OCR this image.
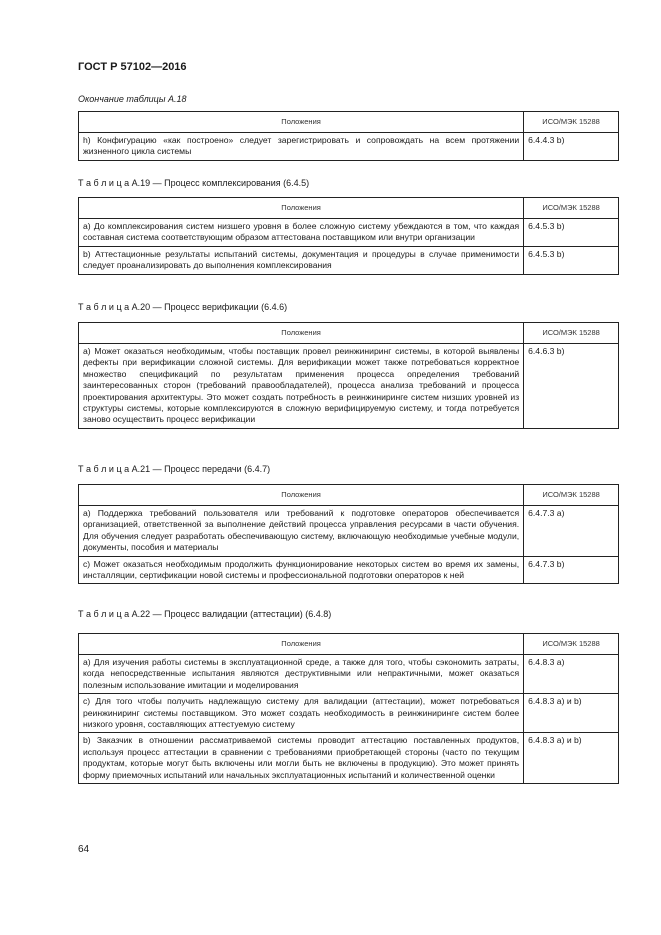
ГОСТ Р 57102—2016
Окончание таблицы А.18
Положения	ИСО/МЭК 15288
h) Конфигурацию «как построено» следует зарегистрировать и сопровождать на всем протяжении жизненного цикла системы	6.4.4.3 b)
Т а б л и ц а А.19 — Процесс комплексирования (6.4.5)
Положения	ИСО/МЭК 15288
a) До комплексирования систем низшего уровня в более сложную систему убеждаются в том, что каждая составная система соответствующим образом аттестована поставщиком или внутри организации	6.4.5.3 b)
b) Аттестационные результаты испытаний системы, документация и процедуры в случае применимости следует проанализировать до выполнения комплексирования	6.4.5.3 b)
Т а б л и ц а А.20 — Процесс верификации (6.4.6)
Положения	ИСО/МЭК 15288
a) Может оказаться необходимым, чтобы поставщик провел реинжиниринг системы, в которой выявлены дефекты при верификации сложной системы. Для верификации может также потребоваться корректное множество спецификаций по результатам применения процесса определения требований заинтересованных сторон (требований правообладателей), процесса анализа требований и процесса проектирования архитектуры. Это может создать потребность в реинжиниринге систем низших уровней из структуры системы, которые комплексируются в сложную верифицируемую систему, и тогда потребуется заново осуществить процесс верификации	6.4.6.3 b)
Т а б л и ц а А.21 — Процесс передачи (6.4.7)
Положения	ИСО/МЭК 15288
a) Поддержка требований пользователя или требований к подготовке операторов обеспечивается организацией, ответственной за выполнение действий процесса управления ресурсами в части обучения. Для обучения следует разработать обеспечивающую систему, включающую необходимые учебные модули, документы, пособия и материалы	6.4.7.3 a)
c) Может оказаться необходимым продолжить функционирование некоторых систем во время их замены, инсталляции, сертификации новой системы и профессиональной подготовки операторов к ней	6.4.7.3 b)
Т а б л и ц а А.22 — Процесс валидации (аттестации) (6.4.8)
Положения	ИСО/МЭК 15288
a) Для изучения работы системы в эксплуатационной среде, а также для того, чтобы сэкономить затраты, когда непосредственные испытания являются деструктивными или непрактичными, может оказаться полезным использование имитации и моделирования	6.4.8.3 a)
c) Для того чтобы получить надлежащую систему для валидации (аттестации), может потребоваться реинжиниринг системы поставщиком. Это может создать необходимость в реинжиниринге систем более низкого уровня, составляющих аттестуемую систему	6.4.8.3 a) и b)
b) Заказчик в отношении рассматриваемой системы проводит аттестацию поставленных продуктов, используя процесс аттестации в сравнении с требованиями приобретающей стороны (часто по текущим продуктам, которые могут быть включены или могли быть не включены в продукцию). Это может принять форму приемочных испытаний или начальных эксплуатационных испытаний и количественной оценки	6.4.8.3 a) и b)
64
